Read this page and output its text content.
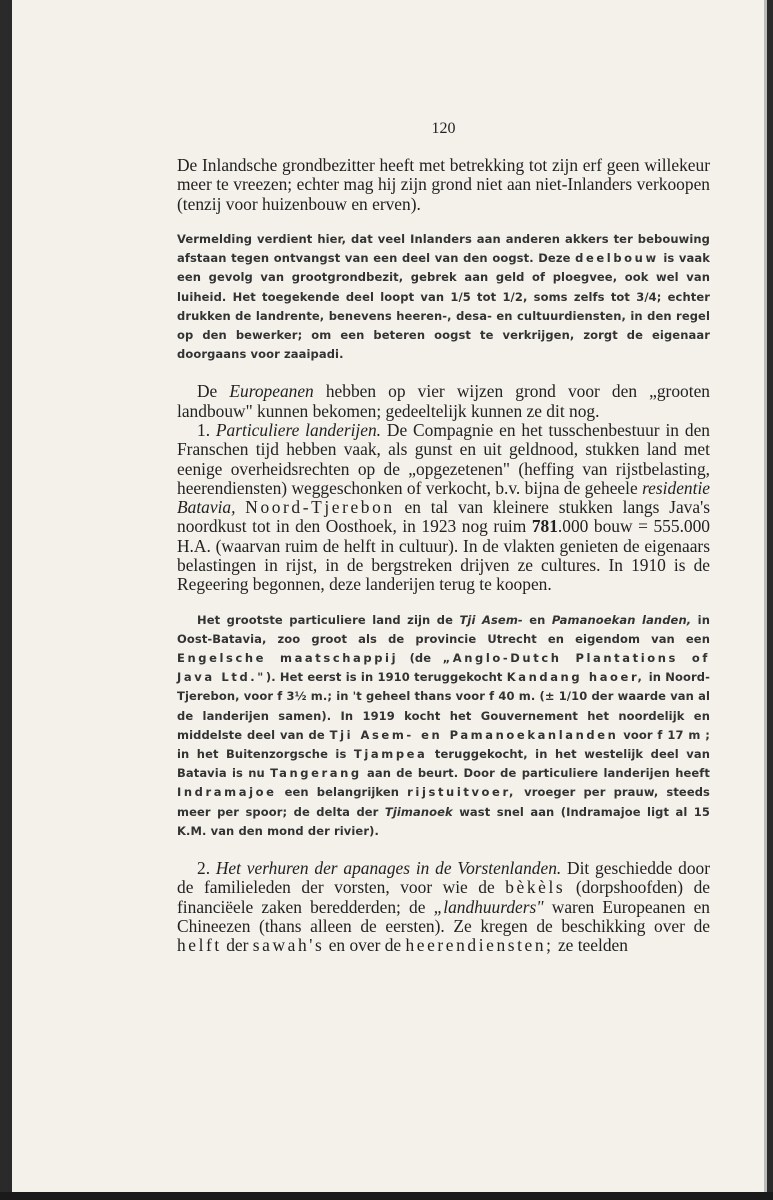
120

De Inlandsche grondbezitter heeft met betrekking tot zijn erf geen willekeur meer te vreezen; echter mag hij zijn grond niet aan niet-Inlanders verkoopen (tenzij voor huizenbouw en erven).

Vermelding verdient hier, dat veel Inlanders aan anderen akkers ter bebouwing afstaan tegen ontvangst van een deel van den oogst. Deze deelbouw is vaak een gevolg van grootgrondbezit, gebrek aan geld of ploegvee, ook wel van luiheid. Het toegekende deel loopt van 1/5 tot 1/2, soms zelfs tot 3/4; echter drukken de landrente, benevens heeren-, desa- en cultuurdiensten, in den regel op den bewerker; om een beteren oogst te verkrijgen, zorgt de eigenaar doorgaans voor zaaipadi.

De Europeanen hebben op vier wijzen grond voor den „grooten landbouw" kunnen bekomen; gedeeltelijk kunnen ze dit nog.

1. Particuliere landerijen. De Compagnie en het tusschenbestuur in den Franschen tijd hebben vaak, als gunst en uit geldnood, stukken land met eenige overheidsrechten op de „opgezetenen" (heffing van rijstbelasting, heerendiensten) weggeschonken of verkocht, b.v. bijna de geheele residentie Batavia, Noord-Tjerebon en tal van kleinere stukken langs Java's noordkust tot in den Oosthoek, in 1923 nog ruim 781.000 bouw = 555.000 H.A. (waarvan ruim de helft in cultuur). In de vlakten genieten de eigenaars belastingen in rijst, in de bergstreken drijven ze cultures. In 1910 is de Regeering begonnen, deze landerijen terug te koopen.

Het grootste particuliere land zijn de Tji Asem- en Pamanoekan landen, in Oost-Batavia, zoo groot als de provincie Utrecht en eigendom van een Engelsche maatschappij (de „Anglo-Dutch Plantations of Java Ltd."). Het eerst is in 1910 teruggekocht Kandang haoer, in Noord-Tjerebon, voor f 3½ m.; in 't geheel thans voor f 40 m. (± 1/10 der waarde van al de landerijen samen). In 1919 kocht het Gouvernement het noordelijk en middelste deel van de Tji Asem- en Pamanoekanlanden voor f 17 m ; in het Buitenzorgsche is Tjampea teruggekocht, in het westelijk deel van Batavia is nu Tangerang aan de beurt. Door de particuliere landerijen heeft Indramajoe een belangrijken rijstuitvoer, vroeger per prauw, steeds meer per spoor; de delta der Tjimanoek wast snel aan (Indramajoe ligt al 15 K.M. van den mond der rivier).

2. Het verhuren der apanages in de Vorstenlanden. Dit geschiedde door de familieleden der vorsten, voor wie de bèkèls (dorpshoofden) de financiëele zaken beredderden; de „landhuurders" waren Europeanen en Chineezen (thans alleen de eersten). Ze kregen de beschikking over de helft der sawah's en over de heerendiensten; ze teelden
